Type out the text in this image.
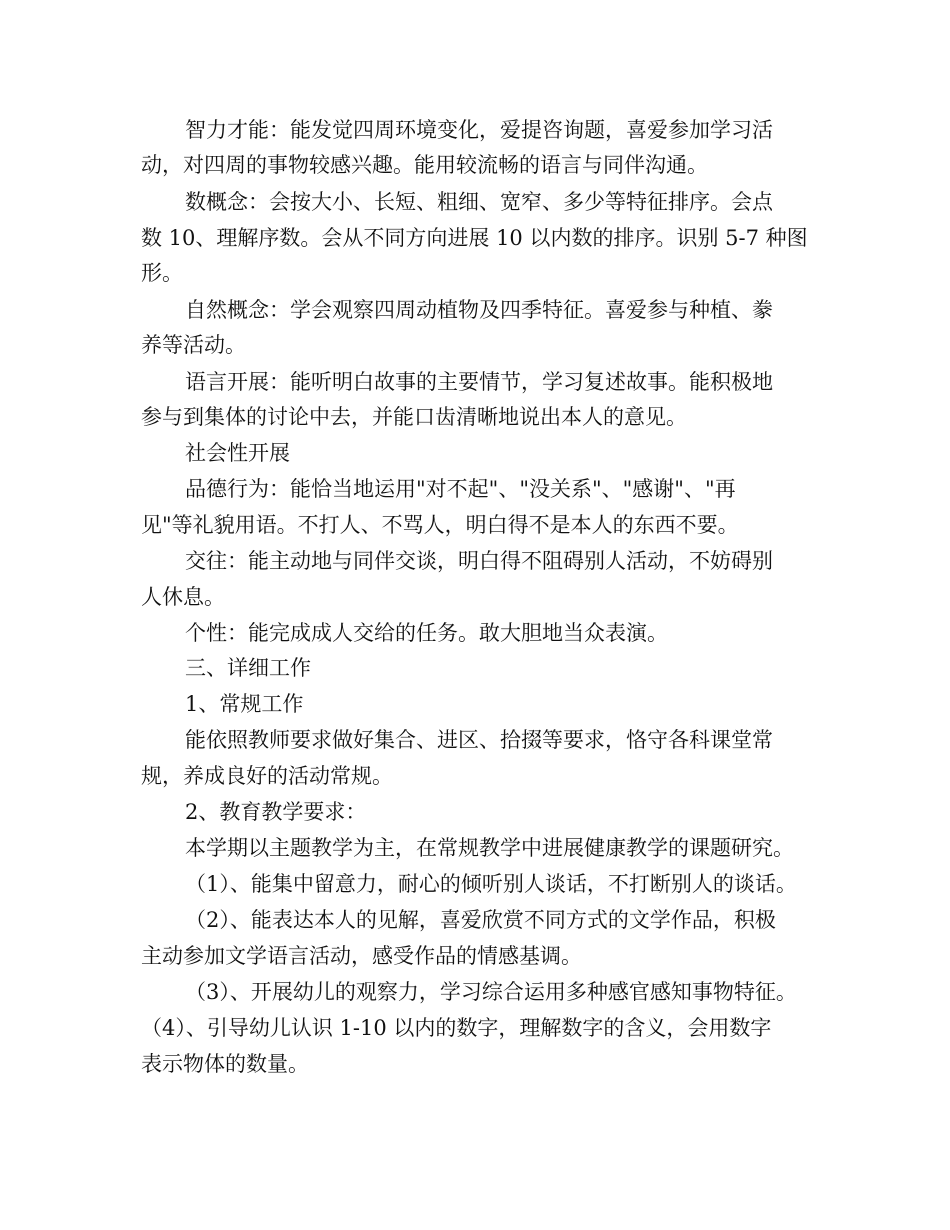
智力才能：能发觉四周环境变化，爱提咨询题，喜爱参加学习活
动，对四周的事物较感兴趣。能用较流畅的语言与同伴沟通。
数概念：会按大小、长短、粗细、宽窄、多少等特征排序。会点
数 10、理解序数。会从不同方向进展 10 以内数的排序。识别 5-7 种图
形。
自然概念：学会观察四周动植物及四季特征。喜爱参与种植、豢
养等活动。
语言开展：能听明白故事的主要情节，学习复述故事。能积极地
参与到集体的讨论中去，并能口齿清晰地说出本人的意见。
社会性开展
品德行为：能恰当地运用"对不起"、"没关系"、"感谢"、"再
见"等礼貌用语。不打人、不骂人，明白得不是本人的东西不要。
交往：能主动地与同伴交谈，明白得不阻碍别人活动，不妨碍别
人休息。
个性：能完成成人交给的任务。敢大胆地当众表演。
三、详细工作
1、常规工作
能依照教师要求做好集合、进区、拾掇等要求，恪守各科课堂常
规，养成良好的活动常规。
2、教育教学要求：
本学期以主题教学为主，在常规教学中进展健康教学的课题研究。
（1）、能集中留意力，耐心的倾听别人谈话，不打断别人的谈话。
（2）、能表达本人的见解，喜爱欣赏不同方式的文学作品，积极
主动参加文学语言活动，感受作品的情感基调。
（3）、开展幼儿的观察力，学习综合运用多种感官感知事物特征。
（4）、引导幼儿认识 1-10 以内的数字，理解数字的含义，会用数字
表示物体的数量。
